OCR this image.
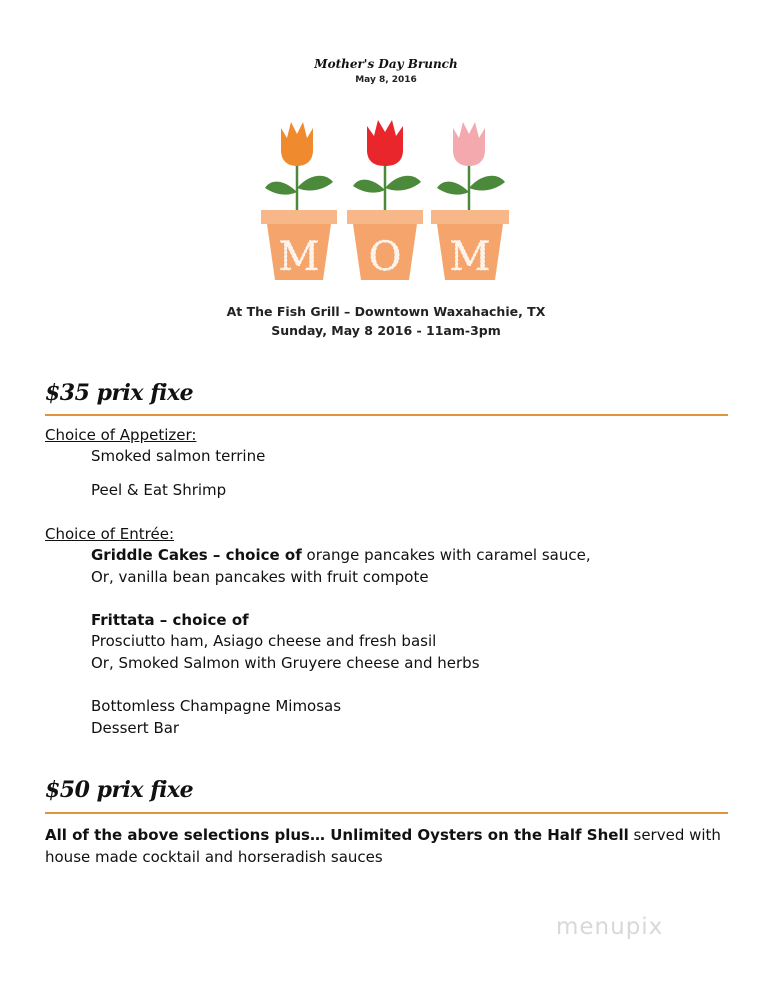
Mother's Day Brunch
May 8, 2016
M O M
At The Fish Grill – Downtown Waxahachie, TX
Sunday, May 8 2016 - 11am-3pm
$35 prix fixe
Choice of Appetizer:
Smoked salmon terrine
Peel & Eat Shrimp
Choice of Entrée:
Griddle Cakes – choice of orange pancakes with caramel sauce,
Or, vanilla bean pancakes with fruit compote
Frittata – choice of
Prosciutto ham, Asiago cheese and fresh basil
Or, Smoked Salmon with Gruyere cheese and herbs
Bottomless Champagne Mimosas
Dessert Bar
$50 prix fixe
All of the above selections plus… Unlimited Oysters on the Half Shell served with house made cocktail and horseradish sauces
menupix
